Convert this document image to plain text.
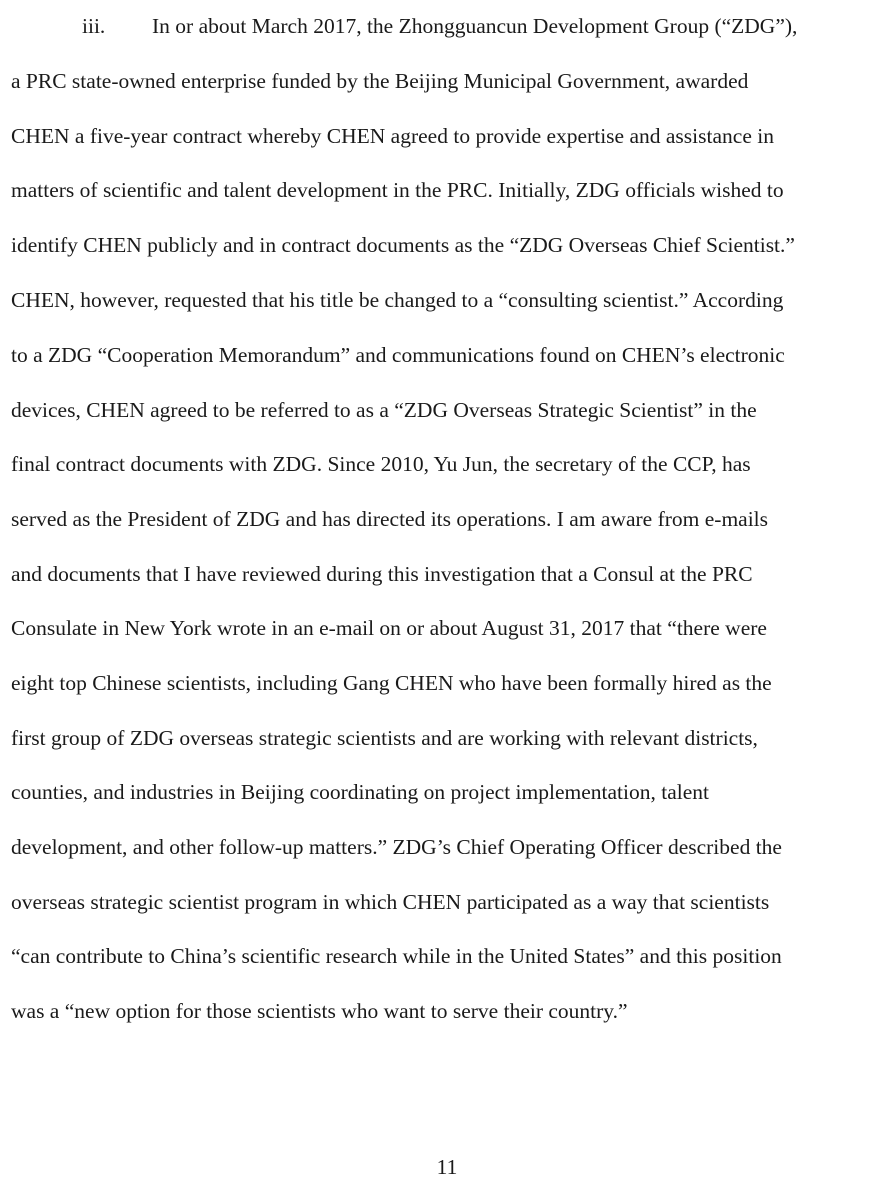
iii. In or about March 2017, the Zhongguancun Development Group (“ZDG”),
a PRC state-owned enterprise funded by the Beijing Municipal Government, awarded
CHEN a five-year contract whereby CHEN agreed to provide expertise and assistance in
matters of scientific and talent development in the PRC. Initially, ZDG officials wished to
identify CHEN publicly and in contract documents as the “ZDG Overseas Chief Scientist.”
CHEN, however, requested that his title be changed to a “consulting scientist.” According
to a ZDG “Cooperation Memorandum” and communications found on CHEN’s electronic
devices, CHEN agreed to be referred to as a “ZDG Overseas Strategic Scientist” in the
final contract documents with ZDG. Since 2010, Yu Jun, the secretary of the CCP, has
served as the President of ZDG and has directed its operations. I am aware from e-mails
and documents that I have reviewed during this investigation that a Consul at the PRC
Consulate in New York wrote in an e-mail on or about August 31, 2017 that “there were
eight top Chinese scientists, including Gang CHEN who have been formally hired as the
first group of ZDG overseas strategic scientists and are working with relevant districts,
counties, and industries in Beijing coordinating on project implementation, talent
development, and other follow-up matters.” ZDG’s Chief Operating Officer described the
overseas strategic scientist program in which CHEN participated as a way that scientists
“can contribute to China’s scientific research while in the United States” and this position
was a “new option for those scientists who want to serve their country.”
11
